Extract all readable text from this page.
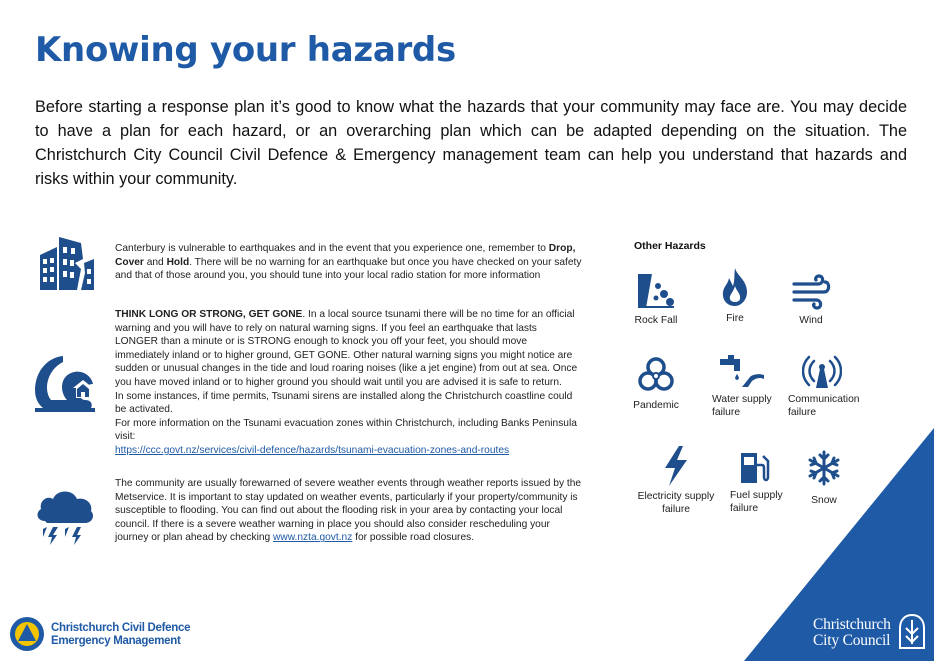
Knowing your hazards
Before starting a response plan it’s good to know what the hazards that your community may face are. You may decide to have a plan for each hazard, or an overarching plan which can be adapted depending on the situation. The Christchurch City Council Civil Defence & Emergency management team can help you understand that hazards and risks within your community.

Canterbury is vulnerable to earthquakes and in the event that you experience one, remember to Drop, Cover and Hold. There will be no warning for an earthquake but once you have checked on your safety and that of those around you, you should tune into your local radio station for more information

THINK LONG OR STRONG, GET GONE. In a local source tsunami there will be no time for an official warning and you will have to rely on natural warning signs. If you feel an earthquake that lasts LONGER than a minute or is STRONG enough to knock you off your feet, you should move immediately inland or to higher ground, GET GONE. Other natural warning signs you might notice are sudden or unusual changes in the tide and loud roaring noises (like a jet engine) from out at sea. Once you have moved inland or to higher ground you should wait until you are advised it is safe to return.

In some instances, if time permits, Tsunami sirens are installed along the Christchurch coastline could be activated.

For more information on the Tsunami evacuation zones within Christchurch, including Banks Peninsula visit:

https://ccc.govt.nz/services/civil-defence/hazards/tsunami-evacuation-zones-and-routes

The community are usually forewarned of severe weather events through weather reports issued by the Metservice. It is important to stay updated on weather events, particularly if your property/community is susceptible to flooding. You can find out about the flooding risk in your area by contacting your local council. If there is a severe weather warning in place you should also consider rescheduling your journey or plan ahead by checking www.nzta.govt.nz for possible road closures.

Other Hazards
Rock Fall	Fire	Wind
Pandemic
Water supply failure
Communication failure
Electricity supply failure
Fuel supply failure
Snow
Christchurch Civil Defence
Emergency Management
Christchurch
City Council
